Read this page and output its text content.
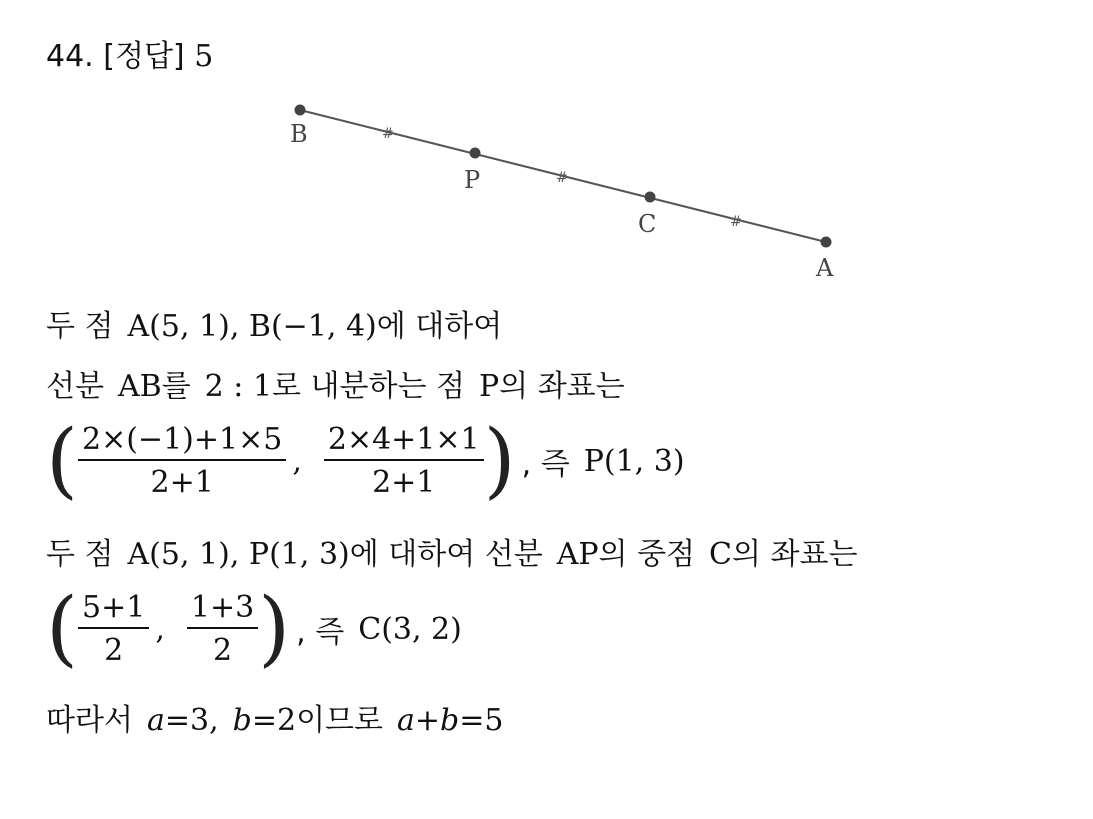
44. [정답] 5
B
P
C
A
#
#
#
두 점 A(5, 1), B(−1, 4)에 대하여
선분 AB를 2 : 1로 내분하는 점 P의 좌표는
( $\frac{2\times(-1)+1\times 5}{2+1}$ , $\frac{2\times 4+1\times 1}{2+1}$ ) , 즉 P(1, 3)
두 점 A(5, 1), P(1, 3)에 대하여 선분 AP의 중점 C의 좌표는
( $\frac{5+1}{2}$ , $\frac{1+3}{2}$ ) , 즉 C(3, 2)
따라서 a=3, b=2이므로 a+b=5
